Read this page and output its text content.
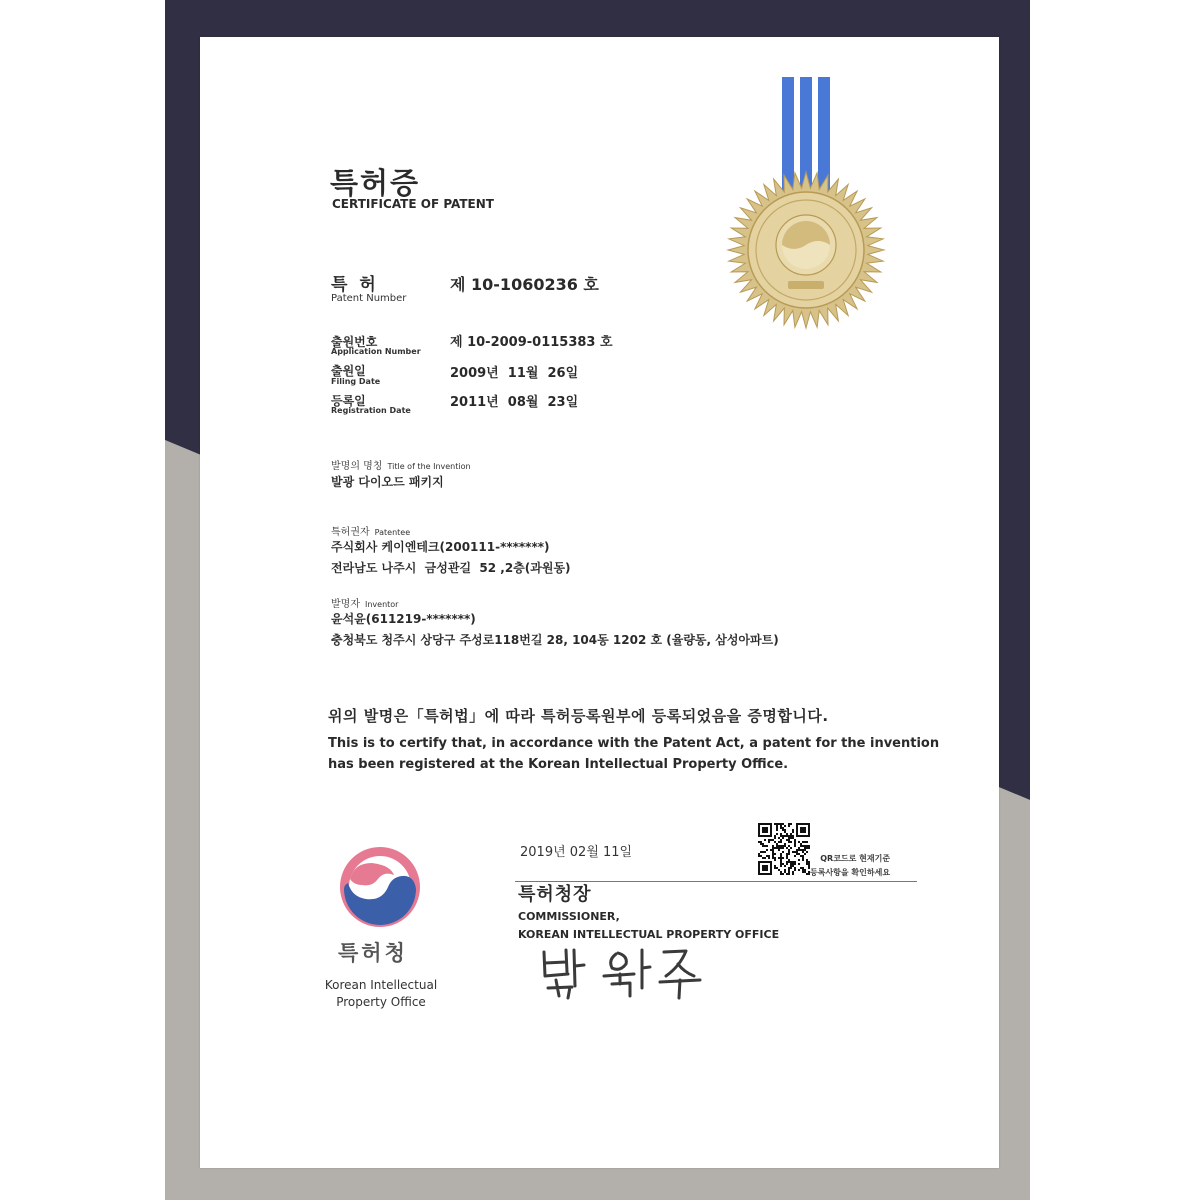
특허증
CERTIFICATE OF PATENT
특 허
Patent Number
제 10-1060236 호
출원번호
Application Number
제 10-2009-0115383 호
출원일
Filing Date
2009년  11월  26일
등록일
Registration Date
2011년  08월  23일
발명의 명칭 Title of the Invention
발광 다이오드 패키지
특허권자 Patentee
주식회사 케이엔테크(200111-*******)
전라남도 나주시  금성관길  52 ,2층(과원동)
발명자 Inventor
윤석윤(611219-*******)
충청북도 청주시 상당구 주성로118번길 28, 104동 1202 호 (율량동, 삼성아파트)
위의 발명은「특허법」에 따라 특허등록원부에 등록되었음을 증명합니다.
This is to certify that, in accordance with the Patent Act, a patent for the invention
has been registered at the Korean Intellectual Property Office.
2019년 02월 11일	QR코드로 현재기준
등록사항을 확인하세요
특허청장
COMMISSIONER,
KOREAN INTELLECTUAL PROPERTY OFFICE
특허청
Korean Intellectual
Property Office
